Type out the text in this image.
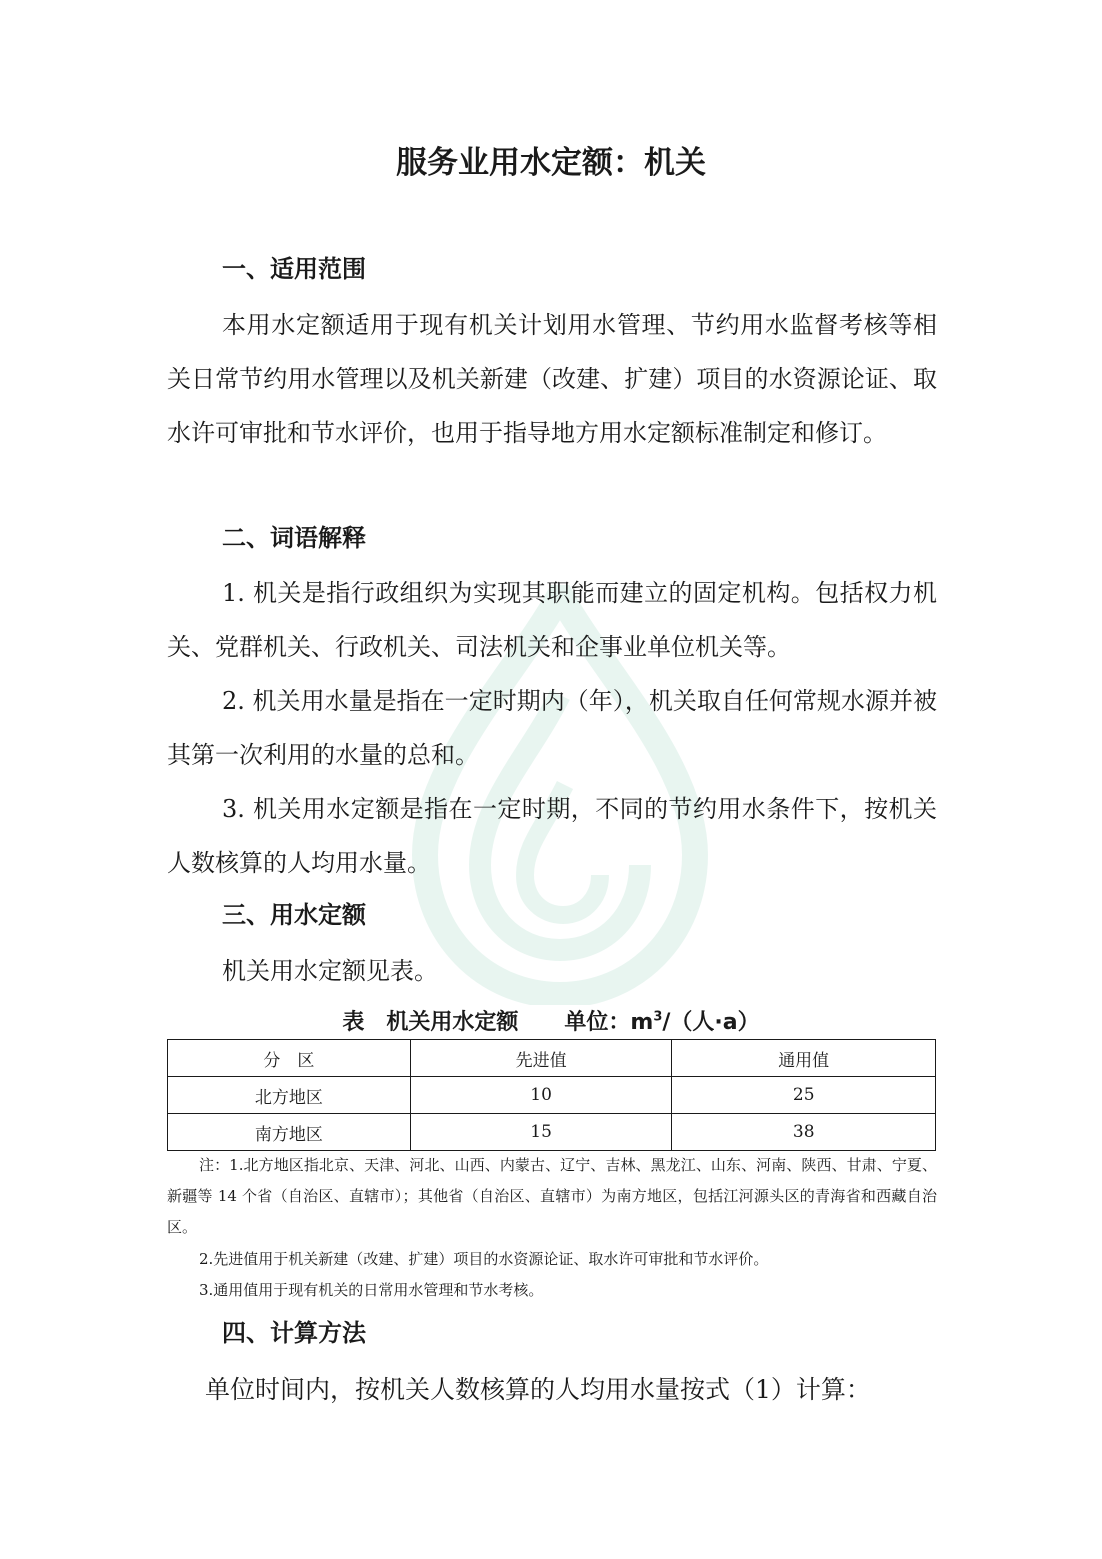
服务业用水定额：机关
一、适用范围

本用水定额适用于现有机关计划用水管理、节约用水监督考核等相关日常节约用水管理以及机关新建（改建、扩建）项目的水资源论证、取水许可审批和节水评价，也用于指导地方用水定额标准制定和修订。

二、词语解释

1. 机关是指行政组织为实现其职能而建立的固定机构。包括权力机关、党群机关、行政机关、司法机关和企事业单位机关等。

2. 机关用水量是指在一定时期内（年），机关取自任何常规水源并被其第一次利用的水量的总和。

3. 机关用水定额是指在一定时期，不同的节约用水条件下，按机关人数核算的人均用水量。

三、用水定额

机关用水定额见表。

表　机关用水定额 单位：$m^3/$（人·a）
分　区	先进值	通用值
北方地区	10	25
南方地区	15	38

注：1.北方地区指北京、天津、河北、山西、内蒙古、辽宁、吉林、黑龙江、山东、河南、陕西、甘肃、宁夏、新疆等 14 个省（自治区、直辖市）；其他省（自治区、直辖市）为南方地区，包括江河源头区的青海省和西藏自治区。

2.先进值用于机关新建（改建、扩建）项目的水资源论证、取水许可审批和节水评价。

3.通用值用于现有机关的日常用水管理和节水考核。

四、计算方法

单位时间内，按机关人数核算的人均用水量按式（1）计算：
